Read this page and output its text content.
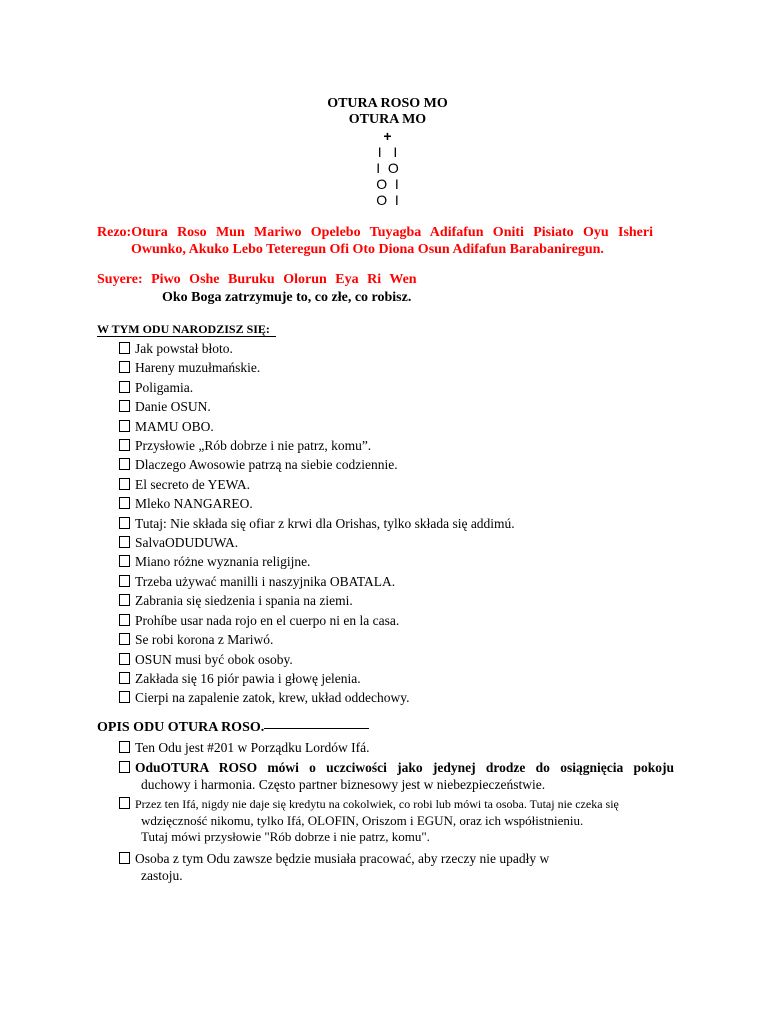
OTURA ROSO MO
OTURA MO
+
I   I
I  O
O  I
O  I
Rezo:Otura Roso Mun Mariwo Opelebo Tuyagba Adifafun Oniti Pisiato Oyu Isheri
Owunko, Akuko Lebo Teteregun Ofi Oto Diona Osun Adifafun Barabaniregun.
Suyere: Piwo Oshe Buruku Olorun Eya Ri Wen
Oko Boga zatrzymuje to, co złe, co robisz.
W TYM ODU NARODZISZ SIĘ:
Jak powstał błoto.
Hareny muzułmańskie.
Poligamia.
Danie OSUN.
MAMU OBO.
Przysłowie „Rób dobrze i nie patrz, komu”.
Dlaczego Awosowie patrzą na siebie codziennie.
El secreto de YEWA.
Mleko NANGAREO.
Tutaj: Nie składa się ofiar z krwi dla Orishas, tylko składa się addimú.
SalvaODUDUWA.
Miano różne wyznania religijne.
Trzeba używać manilli i naszyjnika OBATALA.
Zabrania się siedzenia i spania na ziemi.
Prohíbe usar nada rojo en el cuerpo ni en la casa.
Se robi korona z Mariwó.
OSUN musi być obok osoby.
Zakłada się 16 piór pawia i głowę jelenia.
Cierpi na zapalenie zatok, krew, układ oddechowy.
OPIS ODU OTURA ROSO.
Ten Odu jest #201 w Porządku Lordów Ifá.
OduOTURA ROSO mówi o uczciwości jako jedynej drodze do osiągnięcia pokoju
duchowy i harmonia. Często partner biznesowy jest w niebezpieczeństwie.
Przez ten Ifá, nigdy nie daje się kredytu na cokolwiek, co robi lub mówi ta osoba. Tutaj nie czeka się
wdzięczność nikomu, tylko Ifá, OLOFIN, Oriszom i EGUN, oraz ich współistnieniu.
Tutaj mówi przysłowie "Rób dobrze i nie patrz, komu".
Osoba z tym Odu zawsze będzie musiała pracować, aby rzeczy nie upadły w
zastoju.
